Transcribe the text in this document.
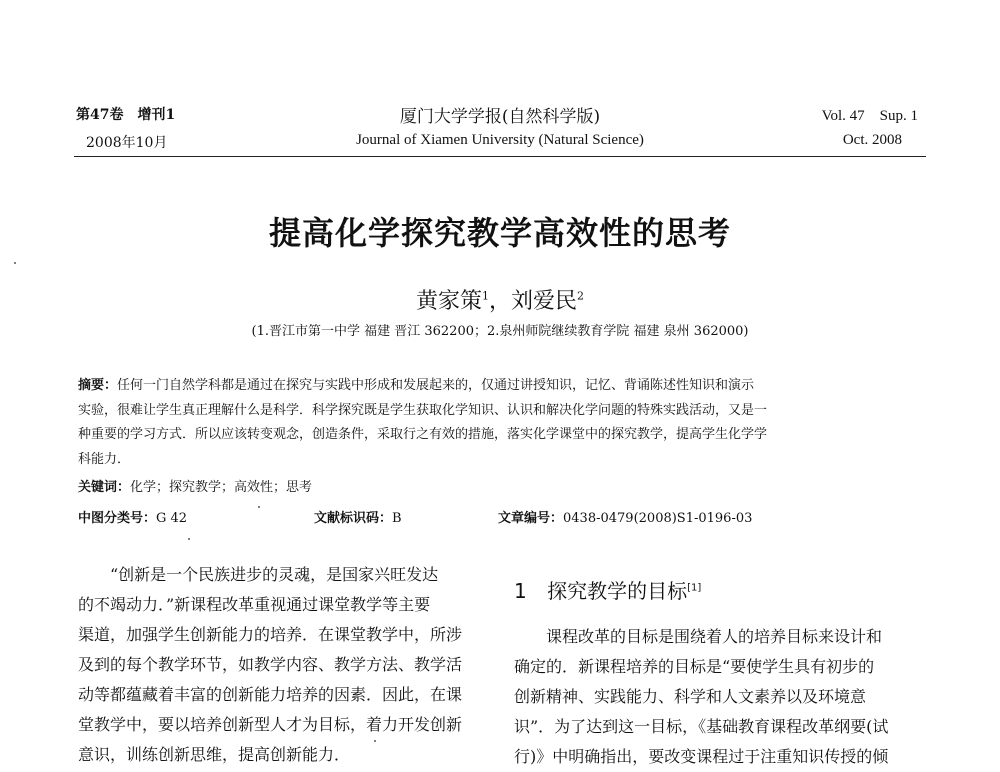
第47卷　增刊1
2008年10月
厦门大学学报(自然科学版)
Journal of Xiamen University (Natural Science)
Vol. 47　Sup. 1
Oct. 2008
提高化学探究教学高效性的思考
黄家策$^1$，刘爱民$^2$
(1.晋江市第一中学 福建 晋江 362200；2.泉州师院继续教育学院 福建 泉州 362000)
摘要：任何一门自然学科都是通过在探究与实践中形成和发展起来的，仅通过讲授知识，记忆、背诵陈述性知识和演示
实验，很难让学生真正理解什么是科学．科学探究既是学生获取化学知识、认识和解决化学问题的特殊实践活动，又是一
种重要的学习方式．所以应该转变观念，创造条件，采取行之有效的措施，落实化学课堂中的探究教学，提高学生化学学
科能力．
关键词：化学；探究教学；高效性；思考
中图分类号：G 42	文献标识码：B	文章编号：0438-0479(2008)S1-0196-03
“创新是一个民族进步的灵魂，是国家兴旺发达
的不竭动力．”新课程改革重视通过课堂教学等主要
渠道，加强学生创新能力的培养．在课堂教学中，所涉
及到的每个教学环节，如教学内容、教学方法、教学活
动等都蕴藏着丰富的创新能力培养的因素．因此，在课
堂教学中，要以培养创新型人才为目标，着力开发创新
意识，训练创新思维，提高创新能力．
1 探究教学的目标[1]
课程改革的目标是围绕着人的培养目标来设计和
确定的．新课程培养的目标是“要使学生具有初步的
创新精神、实践能力、科学和人文素养以及环境意
识”．为了达到这一目标，《基础教育课程改革纲要(试
行)》中明确指出，要改变课程过于注重知识传授的倾
